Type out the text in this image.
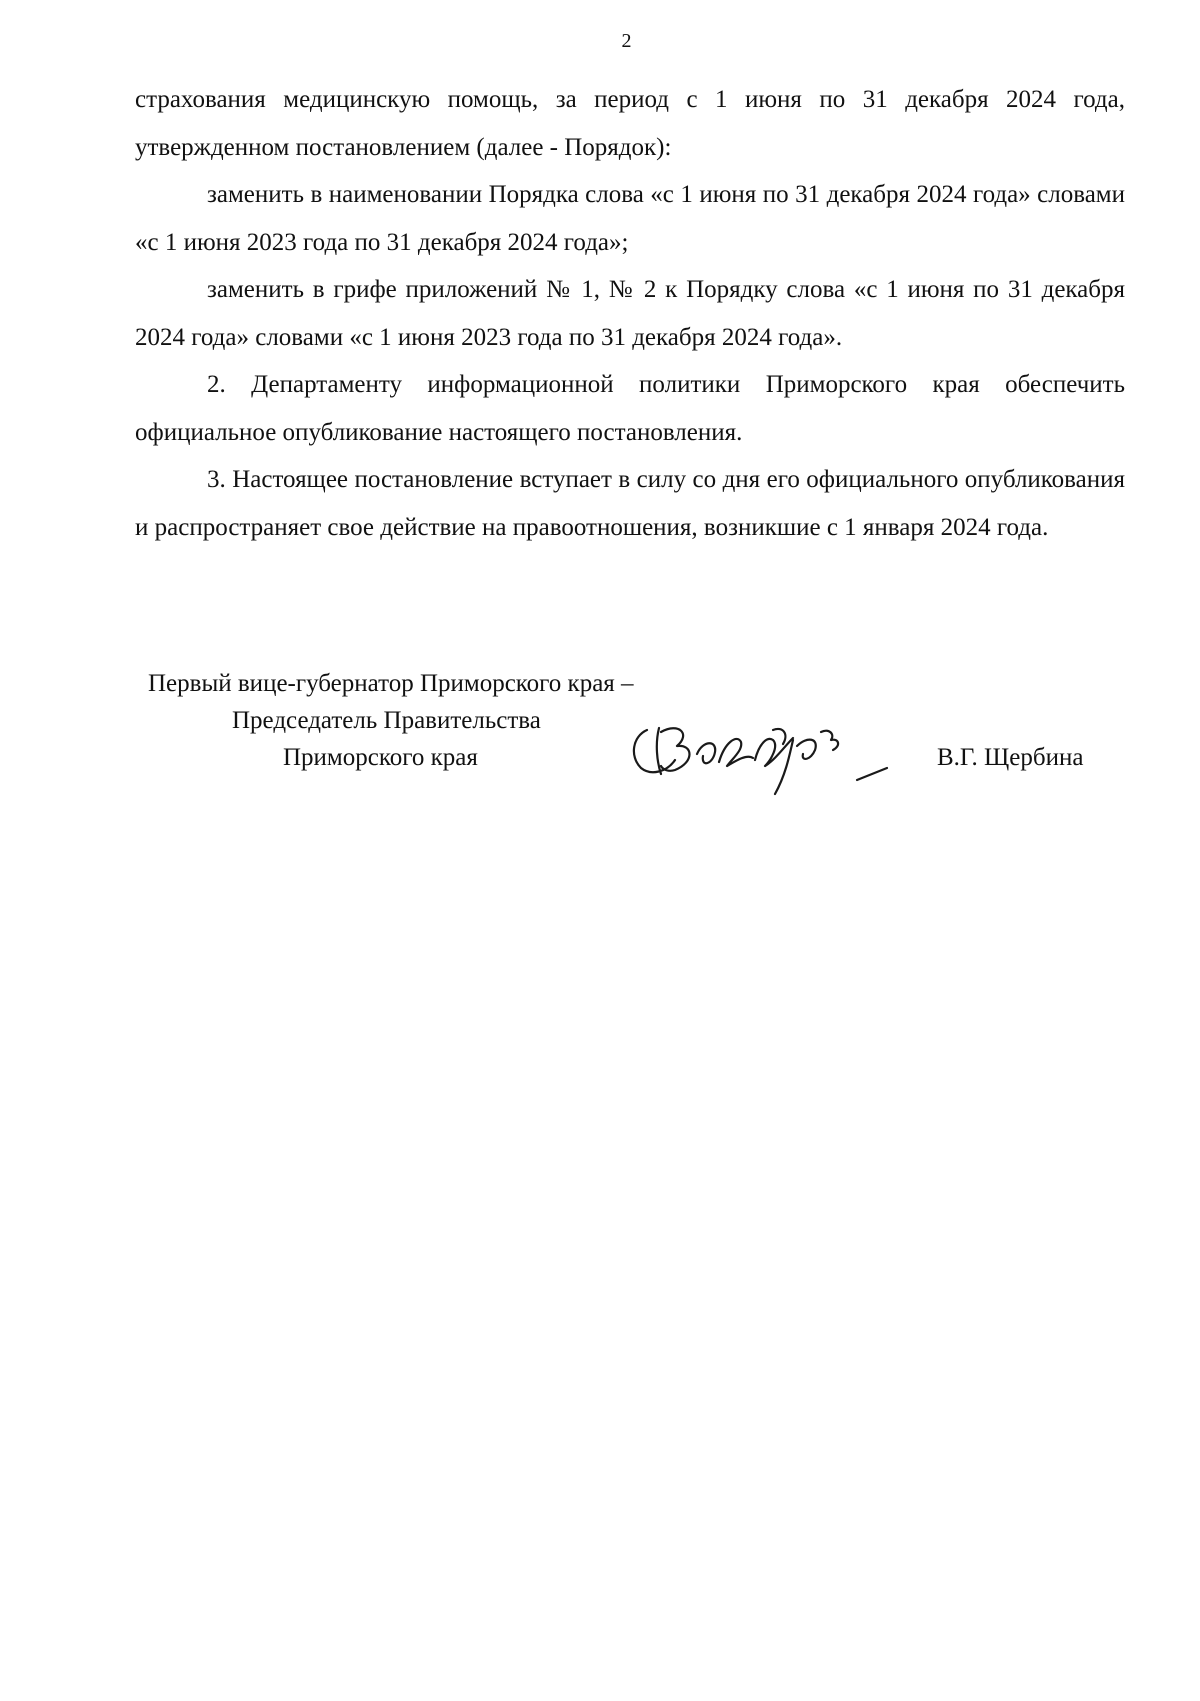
2

страхования медицинскую помощь, за период с 1 июня по 31 декабря 2024 года, утвержденном постановлением (далее - Порядок):

заменить в наименовании Порядка слова «с 1 июня по 31 декабря 2024 года» словами «с 1 июня 2023 года по 31 декабря 2024 года»;

заменить в грифе приложений № 1, № 2 к Порядку слова «с 1 июня по 31 декабря 2024 года» словами «с 1 июня 2023 года по 31 декабря 2024 года».

2. Департаменту информационной политики Приморского края обеспечить официальное опубликование настоящего постановления.

3. Настоящее постановление вступает в силу со дня его официального опубликования и распространяет свое действие на правоотношения, возникшие с 1 января 2024 года.

Первый вице-губернатор Приморского края –
Председатель Правительства
Приморского края	В.Г. Щербина
